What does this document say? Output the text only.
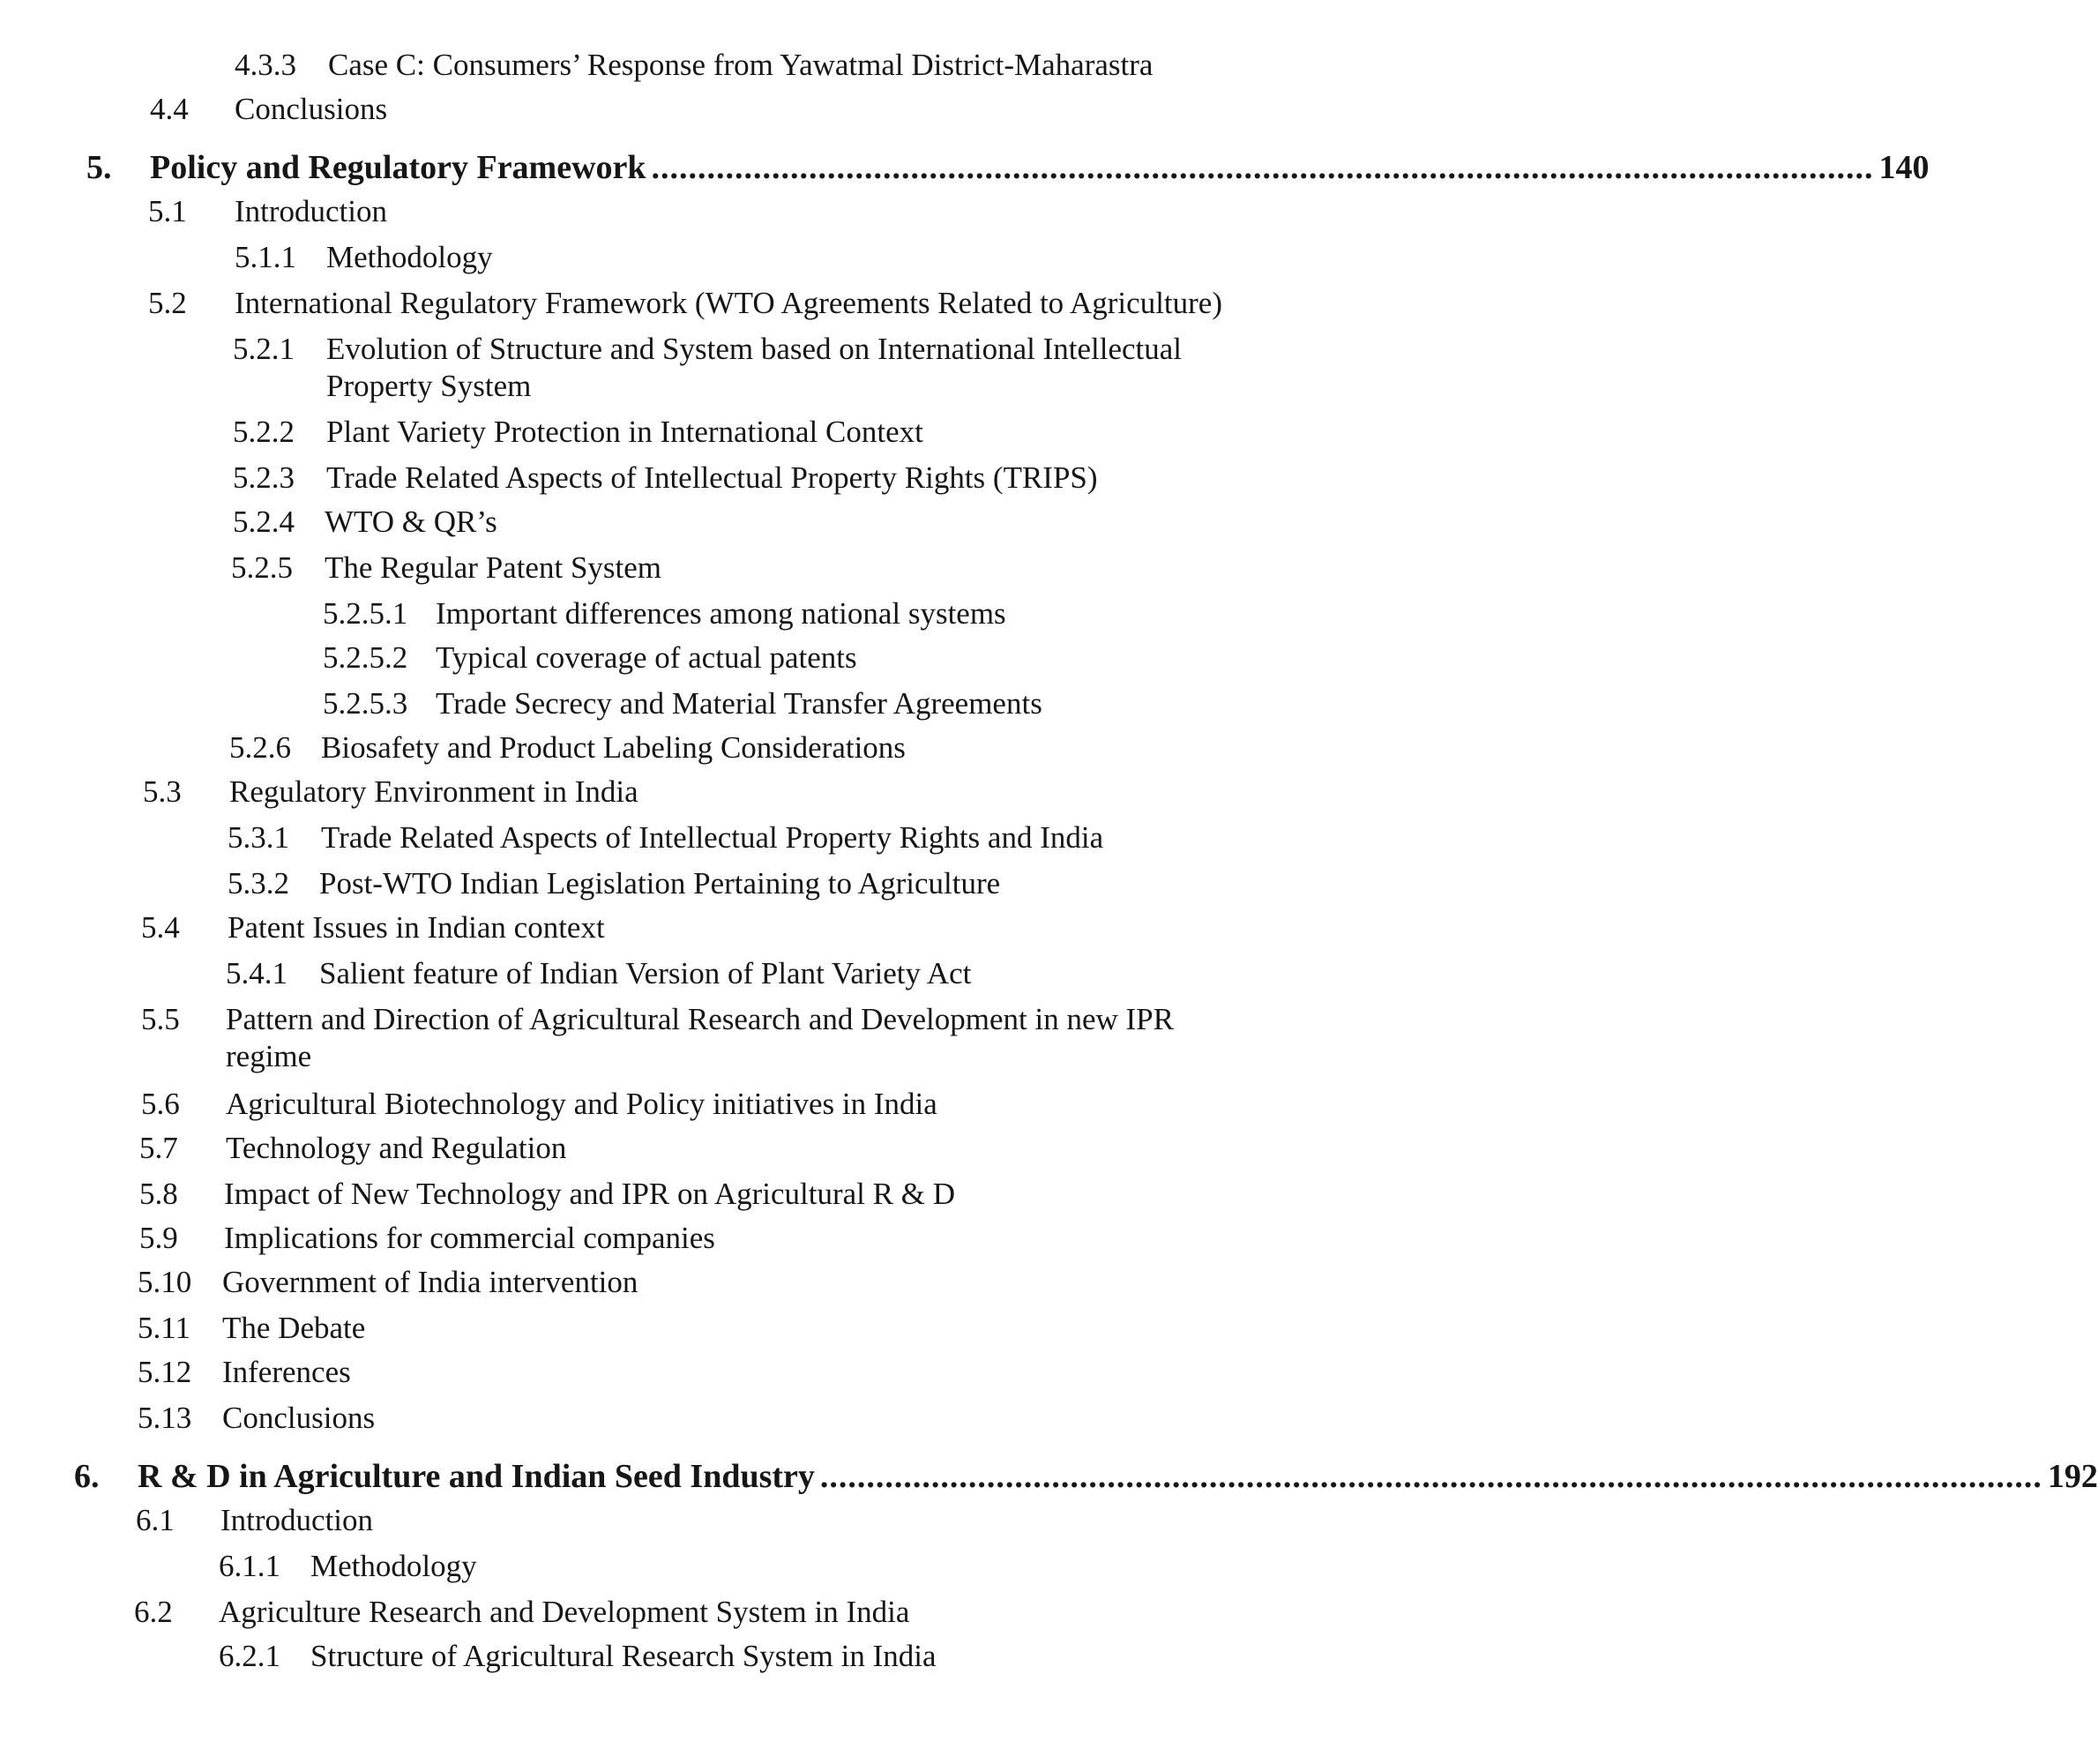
4.3.3 Case C: Consumers’ Response from Yawatmal District-Maharastra
4.4 Conclusions
5. Policy and Regulatory Framework .................................................................................................................................... 140
5.1 Introduction
5.1.1 Methodology
5.2 International Regulatory Framework (WTO Agreements Related to Agriculture)
5.2.1 Evolution of Structure and System based on International Intellectual
Property System
5.2.2 Plant Variety Protection in International Context
5.2.3 Trade Related Aspects of Intellectual Property Rights (TRIPS)
5.2.4 WTO & QR’s
5.2.5 The Regular Patent System
5.2.5.1 Important differences among national systems
5.2.5.2 Typical coverage of actual patents
5.2.5.3 Trade Secrecy and Material Transfer Agreements
5.2.6 Biosafety and Product Labeling Considerations
5.3 Regulatory Environment in India
5.3.1 Trade Related Aspects of Intellectual Property Rights and India
5.3.2 Post-WTO Indian Legislation Pertaining to Agriculture
5.4 Patent Issues in Indian context
5.4.1 Salient feature of Indian Version of Plant Variety Act
5.5 Pattern and Direction of Agricultural Research and Development in new IPR
regime
5.6 Agricultural Biotechnology and Policy initiatives in India
5.7 Technology and Regulation
5.8 Impact of New Technology and IPR on Agricultural R & D
5.9 Implications for commercial companies
5.10 Government of India intervention
5.11 The Debate
5.12 Inferences
5.13 Conclusions
6. R & D in Agriculture and Indian Seed Industry .................................................................................................................................... 192
6.1 Introduction
6.1.1 Methodology
6.2 Agriculture Research and Development System in India
6.2.1 Structure of Agricultural Research System in India
